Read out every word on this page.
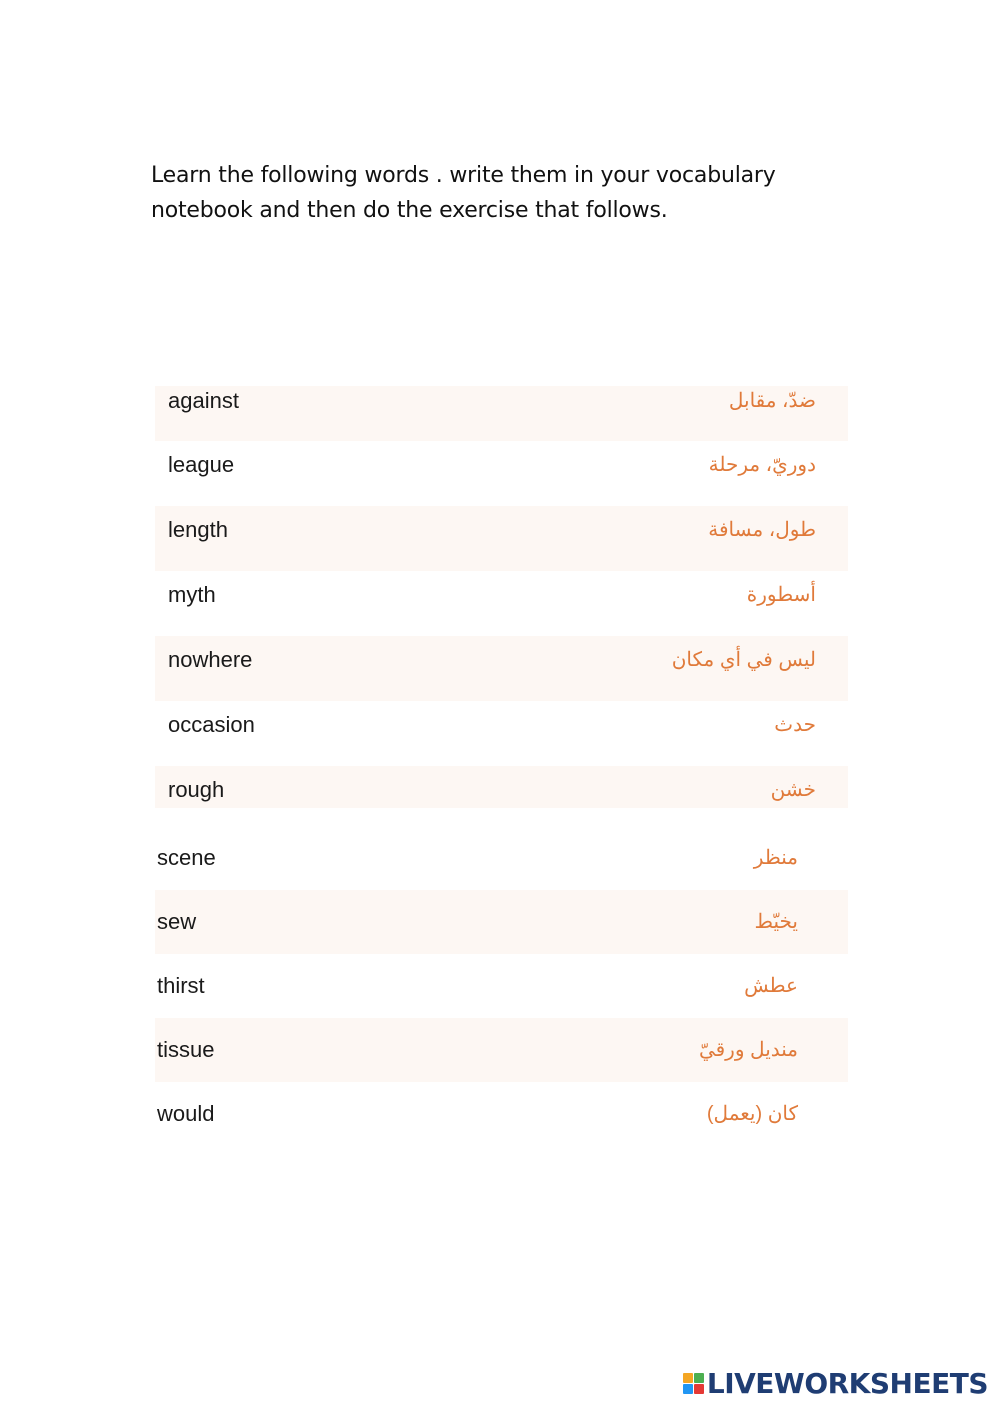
Learn the following words . write them in your vocabulary

notebook and then do the exercise that follows.

against	ضدّ، مقابل
league	دوريّ، مرحلة
length	طول، مسافة
myth	أسطورة
nowhere	ليس في أي مكان
occasion	حدث
rough	خشن
scene	منظر
sew	يخيّط
thirst	عطش
tissue	منديل ورقيّ
would	كان (يعمل)
LIVEWORKSHEETS
